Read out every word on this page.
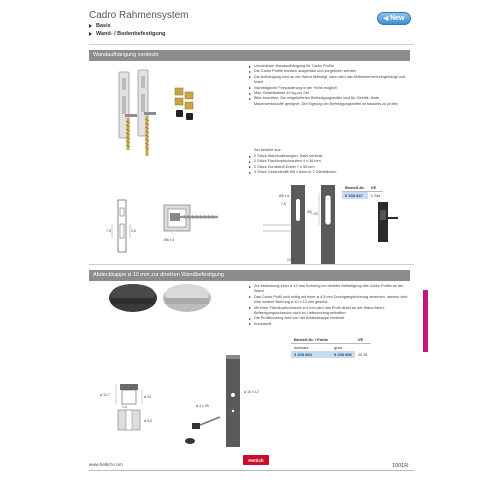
Cadro Rahmensystem
Basis
Wand- / Bodenbefestigung
◀ New
Wandaufhängung verdeckt
Unsichtbare Wandaufhängung für Cadro Profile
Die Cadro Profile müssen ausgefräst und vorgebohrt werden
Die Aufhängung wird an der Wand befestigt, dann wird das Möbelelement eingehängt und fixiert
Nachträgliche Feinjustierung in der Höhe möglich
Max. Belastbarkeit 40 kg pro Set
Bitte beachten: Die mitgelieferten Befestigungsmittel sind für Gebälk, feste Mauerwerksstoffe geeignet. Die Eignung der Befestigungsmittel ist bauseits zu prüfen
Set besteht aus:
2 Stück Wandhalterungen, Stahl verzinkt
2 Stück Flachkopfschrauben 4 x 38 mm
2 Stück Kunststoff-Dübel 7 x 35 mm
4 Stück Gewindestift M5 x 6mm in 2 Oberflächen
Bestell-Nr.	VE
9 208 847	1 Set
7,5	2,6
Ø6 x 6
Ø5 x 6
7,5
Ø5
12,5
≈ 92
Abdeckkappe ø 10 mm zur direkten Wandbefestigung
Zur Abdeckung einer ø 10 mm Bohrung bei direkter Befestigung des Cadro Profils an der Wand
Das Cadro Profil wird mittig mit einer ø 4,5 mm Durchgangsbohrung versehen, danach wird eine weitere Bohrung ø 10 x 12 mm gesetzt
Mit einer Flachkopfschraube ø 4 mm wird das Profil direkt an der Wand fixiert, Befestigungsschraube nicht im Lieferumfang enthalten
Die Profilbohrung wird von der Abdeckkappe verdeckt
Kunststoff
Bestell-Nr. / Farbe		VE
schwarz	grau	
9 208 854	9 208 856	20 St.
ø 12,7	ø 10
ø 4,5
1,4
ø 10 x 12
ø 4 x 35
www.hettich.com
Hettich
1001R
